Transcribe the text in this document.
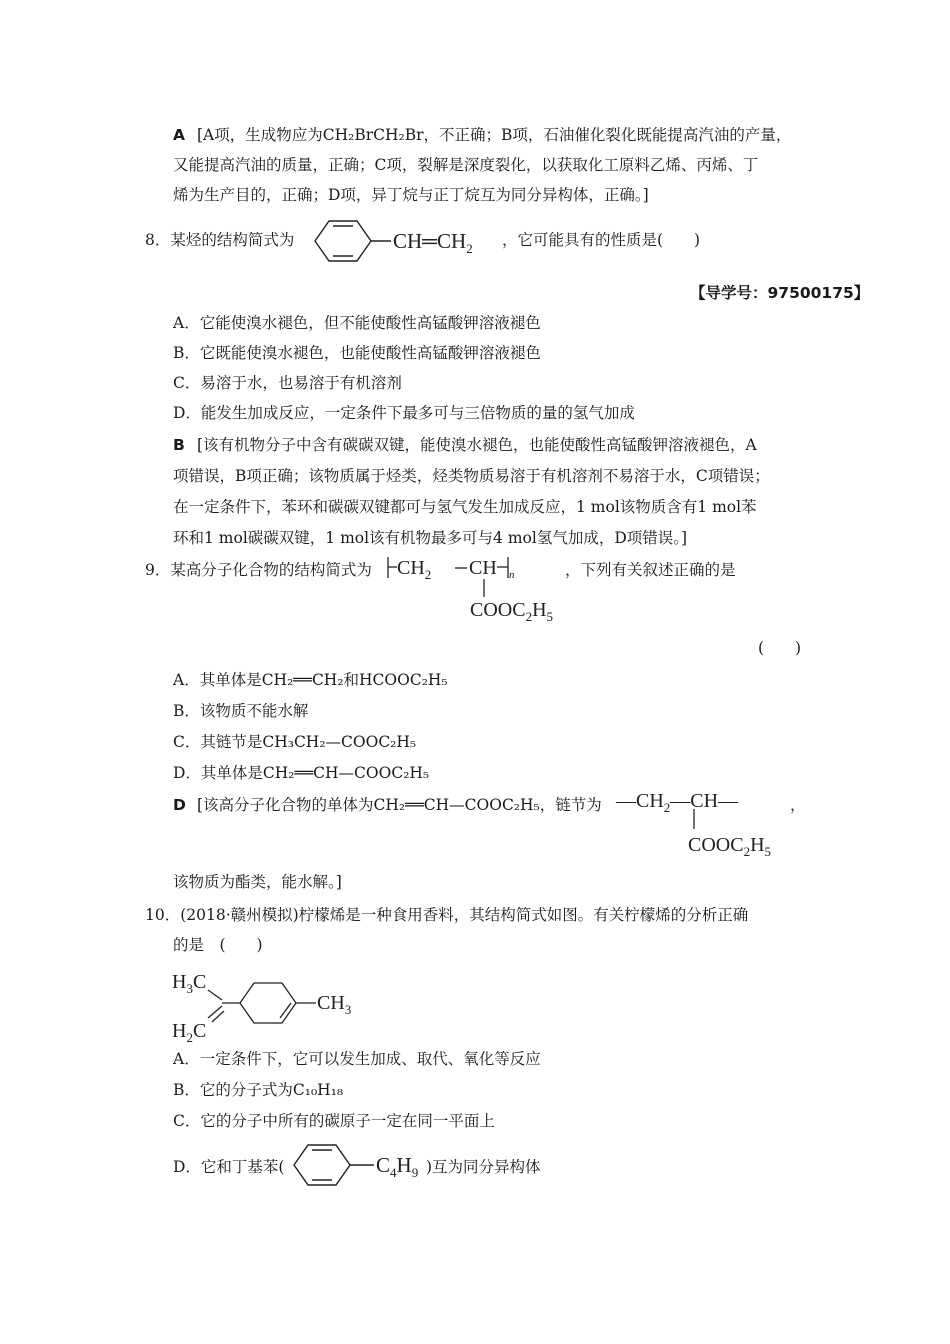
A [A项，生成物应为CH₂BrCH₂Br，不正确；B项，石油催化裂化既能提高汽油的产量，
又能提高汽油的质量，正确；C项，裂解是深度裂化，以获取化工原料乙烯、丙烯、丁
烯为生产目的，正确；D项，异丁烷与正丁烷互为同分异构体，正确。]
8．某烃的结构简式为	$CH═CH_2$ ，它可能具有的性质是(　　)
【导学号：97500175】
A．它能使溴水褪色，但不能使酸性高锰酸钾溶液褪色
B．它既能使溴水褪色，也能使酸性高锰酸钾溶液褪色
C．易溶于水，也易溶于有机溶剂
D．能发生加成反应，一定条件下最多可与三倍物质的量的氢气加成
B [该有机物分子中含有碳碳双键，能使溴水褪色，也能使酸性高锰酸钾溶液褪色，A
项错误，B项正确；该物质属于烃类，烃类物质易溶于有机溶剂不易溶于水，C项错误；
在一定条件下，苯环和碳碳双键都可与氢气发生加成反应，1 mol该物质含有1 mol苯
环和1 mol碳碳双键，1 mol该有机物最多可与4 mol氢气加成，D项错误。]
9．某高分子化合物的结构简式为 $CH_2$ CH n
$COOC_2H_5$
，下列有关叙述正确的是
(　　)
A．其单体是CH₂══CH₂和HCOOC₂H₅
B．该物质不能水解
C．其链节是CH₃CH₂—COOC₂H₅
D．其单体是CH₂══CH—COOC₂H₅
D [该高分子化合物的单体为CH₂══CH—COOC₂H₅，链节为 $—CH_2—CH—$
$COOC_2H_5$
，
该物质为酯类，能水解。]
10．(2018·赣州模拟)柠檬烯是一种食用香料，其结构简式如图。有关柠檬烯的分析正确
的是　(　　)
$H_3C$
$CH_3$
$H_2C$
A．一定条件下，它可以发生加成、取代、氧化等反应
B．它的分子式为C₁₀H₁₈
C．它的分子中所有的碳原子一定在同一平面上
D．它和丁基苯(	$C_4H_9$ )互为同分异构体
